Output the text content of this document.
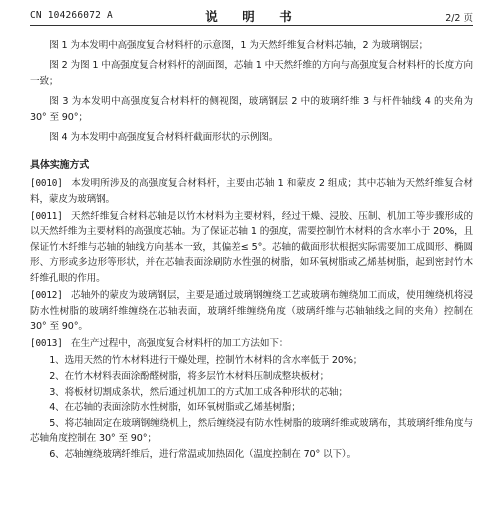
CN 104266072 A	说　明　书	2/2 页

图 1 为本发明中高强度复合材料杆的示意图，1 为天然纤维复合材料芯轴，2 为玻璃钢层；

图 2 为图 1 中高强度复合材料杆的剖面图，芯轴 1 中天然纤维的方向与高强度复合材料杆的长度方向一致；

图 3 为本发明中高强度复合材料杆的侧视图，玻璃钢层 2 中的玻璃纤维 3 与杆件轴线 4 的夹角为 30° 至 90°；

图 4 为本发明中高强度复合材料杆截面形状的示例图。

具体实施方式

[0010] 本发明所涉及的高强度复合材料杆，主要由芯轴 1 和蒙皮 2 组成；其中芯轴为天然纤维复合材料，蒙皮为玻璃钢。

[0011] 天然纤维复合材料芯轴是以竹木材料为主要材料，经过干燥、浸胶、压制、机加工等步骤形成的以天然纤维为主要材料的高强度芯轴。为了保证芯轴 1 的强度，需要控制竹木材料的含水率小于 20%，且保证竹木纤维与芯轴的轴线方向基本一致，其偏差≤ 5°。芯轴的截面形状根据实际需要加工成圆形、椭圆形、方形或多边形等形状，并在芯轴表面涂刷防水性强的树脂，如环氧树脂或乙烯基树脂，起到密封竹木纤维孔眼的作用。

[0012] 芯轴外的蒙皮为玻璃钢层，主要是通过玻璃钢缠绕工艺或玻璃布缠绕加工而成，使用缠绕机将浸防水性树脂的玻璃纤维缠绕在芯轴表面，玻璃纤维缠绕角度（玻璃纤维与芯轴轴线之间的夹角）控制在 30° 至 90°。

[0013] 在生产过程中，高强度复合材料杆的加工方法如下：

1、选用天然的竹木材料进行干燥处理，控制竹木材料的含水率低于 20%；

2、在竹木材料表面涂酚醛树脂，将多层竹木材料压制成整块板材；

3、将板材切割成条状，然后通过机加工的方式加工成各种形状的芯轴；

4、在芯轴的表面涂防水性树脂，如环氧树脂或乙烯基树脂；

5、将芯轴固定在玻璃钢缠绕机上，然后缠绕浸有防水性树脂的玻璃纤维或玻璃布，其玻璃纤维角度与芯轴角度控制在 30° 至 90°；

6、芯轴缠绕玻璃纤维后，进行常温或加热固化（温度控制在 70° 以下）。
